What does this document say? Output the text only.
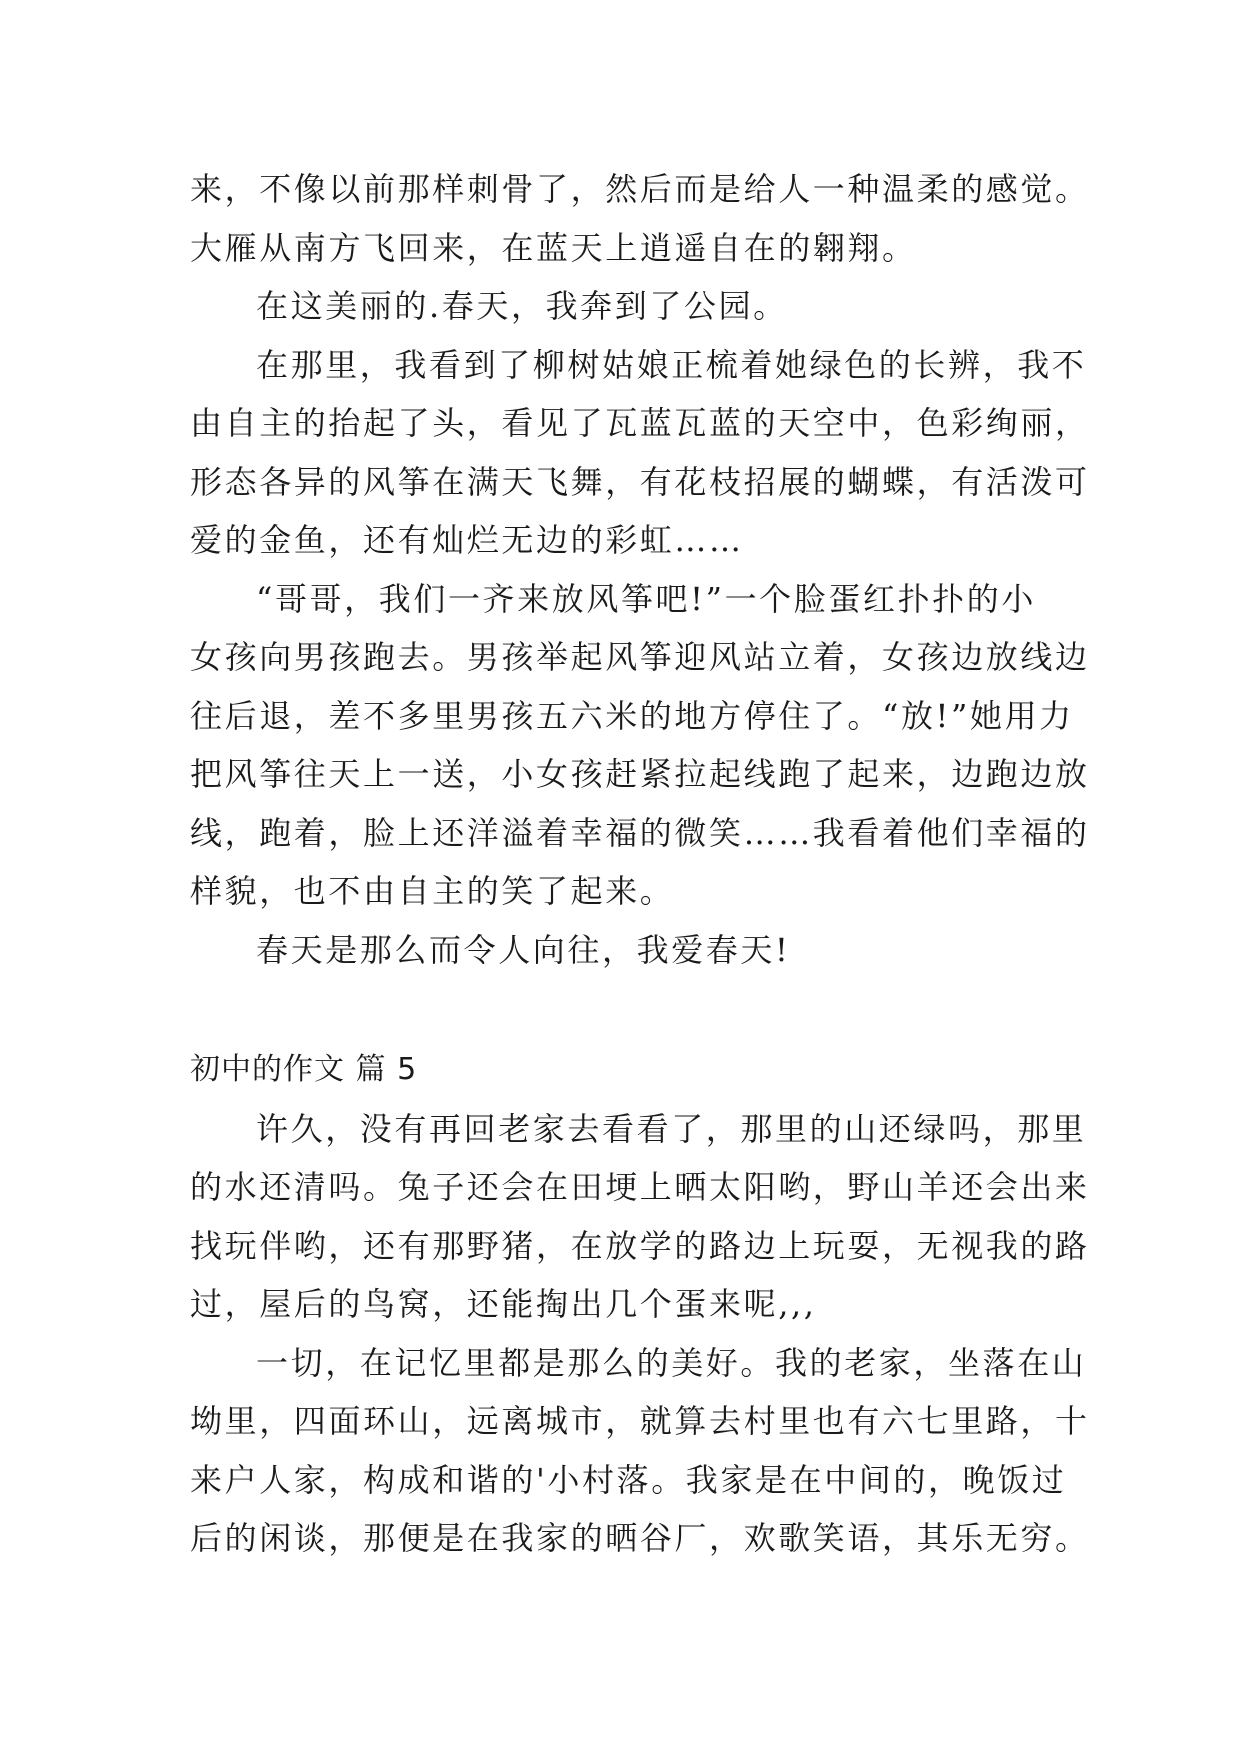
来，不像以前那样刺骨了，然后而是给人一种温柔的感觉。

大雁从南方飞回来，在蓝天上逍遥自在的翱翔。

在这美丽的.春天，我奔到了公园。

在那里，我看到了柳树姑娘正梳着她绿色的长辨，我不

由自主的抬起了头，看见了瓦蓝瓦蓝的天空中，色彩绚丽，

形态各异的风筝在满天飞舞，有花枝招展的蝴蝶，有活泼可

爱的金鱼，还有灿烂无边的彩虹……

“哥哥，我们一齐来放风筝吧!”一个脸蛋红扑扑的小

女孩向男孩跑去。男孩举起风筝迎风站立着，女孩边放线边

往后退，差不多里男孩五六米的地方停住了。“放!”她用力

把风筝往天上一送，小女孩赶紧拉起线跑了起来，边跑边放

线，跑着，脸上还洋溢着幸福的微笑……我看着他们幸福的

样貌，也不由自主的笑了起来。

春天是那么而令人向往，我爱春天!

初中的作文 篇 5

许久，没有再回老家去看看了，那里的山还绿吗，那里

的水还清吗。兔子还会在田埂上晒太阳哟，野山羊还会出来

找玩伴哟，还有那野猪，在放学的路边上玩耍，无视我的路

过，屋后的鸟窝，还能掏出几个蛋来呢,,,

一切，在记忆里都是那么的美好。我的老家，坐落在山

坳里，四面环山，远离城市，就算去村里也有六七里路，十

来户人家，构成和谐的'小村落。我家是在中间的，晚饭过

后的闲谈，那便是在我家的晒谷厂，欢歌笑语，其乐无穷。
